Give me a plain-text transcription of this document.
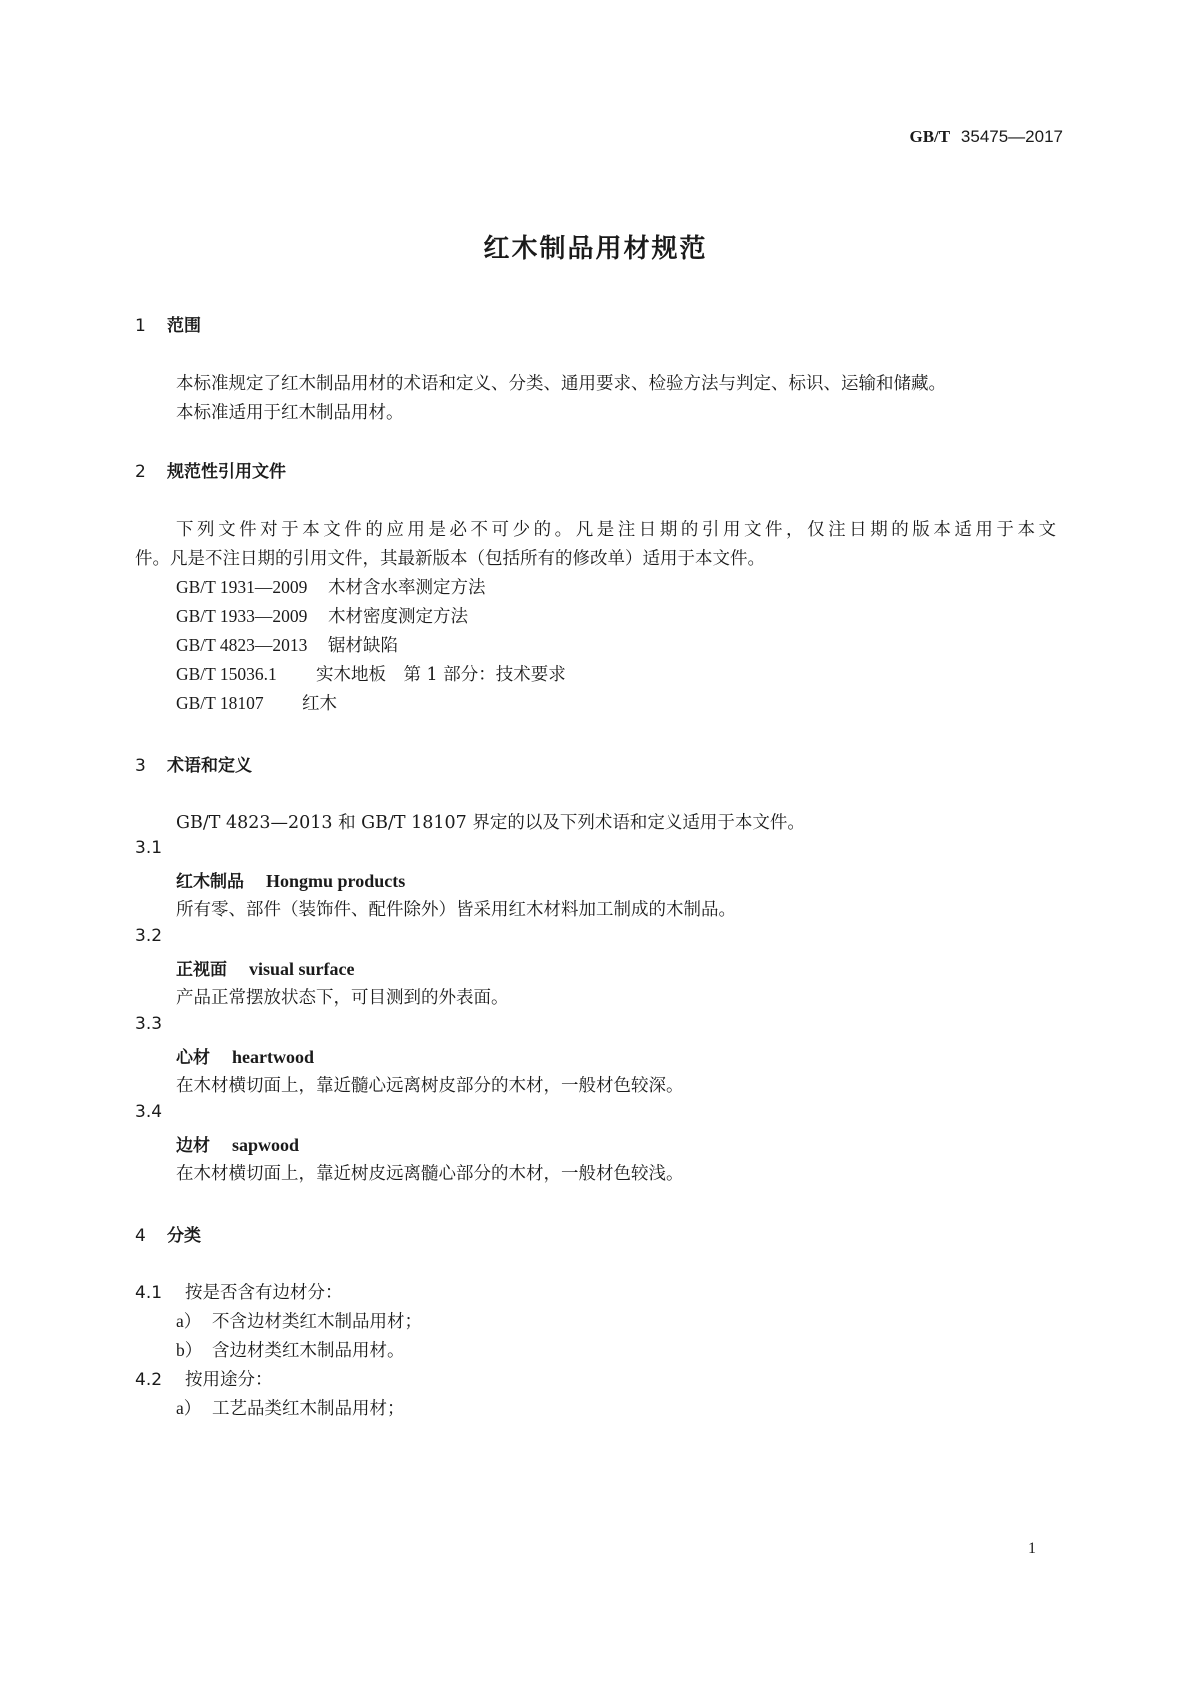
GB/T 35475—2017
红木制品用材规范
1 范围
本标准规定了红木制品用材的术语和定义、分类、通用要求、检验方法与判定、标识、运输和储藏。
本标准适用于红木制品用材。
2 规范性引用文件
下列文件对于本文件的应用是必不可少的。凡是注日期的引用文件，仅注日期的版本适用于本文
件。凡是不注日期的引用文件，其最新版本（包括所有的修改单）适用于本文件。
GB/T 1931—2009 木材含水率测定方法
GB/T 1933—2009 木材密度测定方法
GB/T 4823—2013 锯材缺陷
GB/T 15036.1 实木地板　第 1 部分：技术要求
GB/T 18107 红木
3 术语和定义
GB/T 4823—2013 和 GB/T 18107 界定的以及下列术语和定义适用于本文件。
3.1
红木制品 Hongmu products
所有零、部件（装饰件、配件除外）皆采用红木材料加工制成的木制品。
3.2
正视面 visual surface
产品正常摆放状态下，可目测到的外表面。
3.3
心材 heartwood
在木材横切面上，靠近髓心远离树皮部分的木材，一般材色较深。
3.4
边材 sapwood
在木材横切面上，靠近树皮远离髓心部分的木材，一般材色较浅。
4 分类
4.1 按是否含有边材分：
a） 不含边材类红木制品用材；
b） 含边材类红木制品用材。
4.2 按用途分：
a） 工艺品类红木制品用材；
1
